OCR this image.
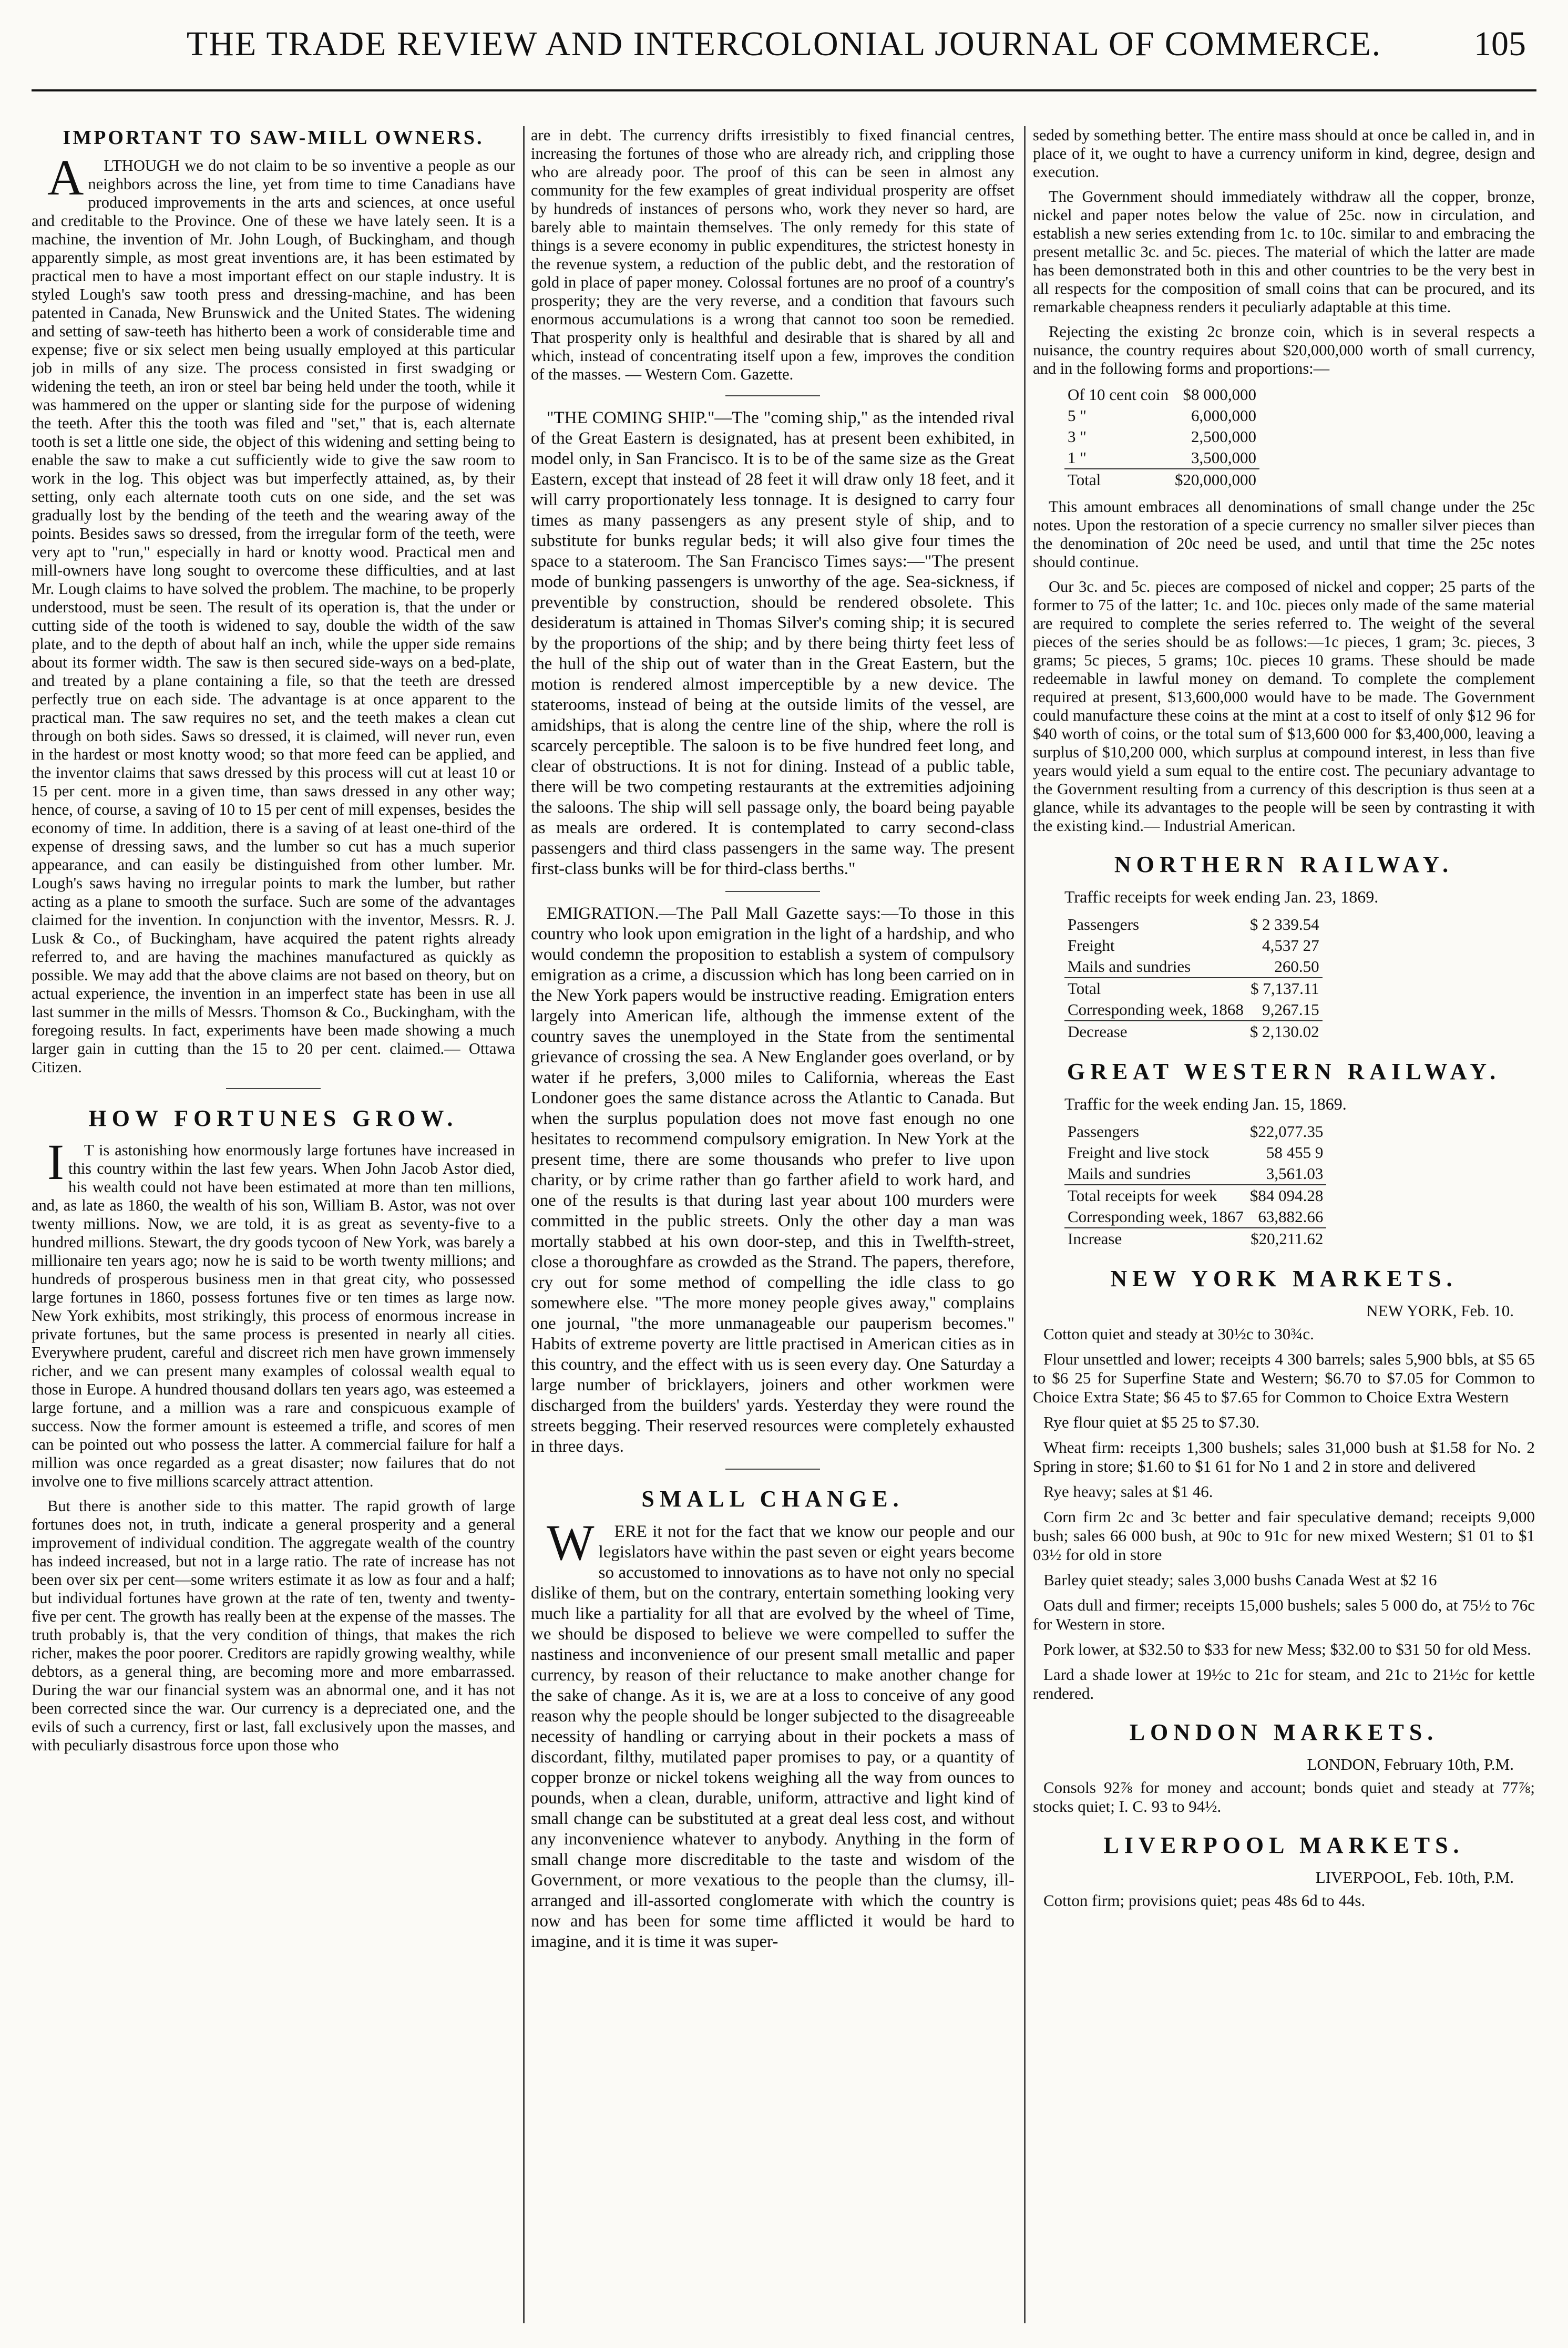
THE TRADE REVIEW AND INTERCOLONIAL JOURNAL OF COMMERCE.	105
IMPORTANT TO SAW-MILL OWNERS.

ALTHOUGH we do not claim to be so inventive a people as our neighbors across the line, yet from time to time Canadians have produced improvements in the arts and sciences, at once useful and creditable to the Province. One of these we have lately seen. It is a machine, the invention of Mr. John Lough, of Buckingham, and though apparently simple, as most great inventions are, it has been estimated by practical men to have a most important effect on our staple industry. It is styled Lough's saw tooth press and dressing-machine, and has been patented in Canada, New Brunswick and the United States. The widening and setting of saw-teeth has hitherto been a work of considerable time and expense; five or six select men being usually employed at this particular job in mills of any size. The process consisted in first swadging or widening the teeth, an iron or steel bar being held under the tooth, while it was hammered on the upper or slanting side for the purpose of widening the teeth. After this the tooth was filed and "set," that is, each alternate tooth is set a little one side, the object of this widening and setting being to enable the saw to make a cut sufficiently wide to give the saw room to work in the log. This object was but imperfectly attained, as, by their setting, only each alternate tooth cuts on one side, and the set was gradually lost by the bending of the teeth and the wearing away of the points. Besides saws so dressed, from the irregular form of the teeth, were very apt to "run," especially in hard or knotty wood. Practical men and mill-owners have long sought to overcome these difficulties, and at last Mr. Lough claims to have solved the problem. The machine, to be properly understood, must be seen. The result of its operation is, that the under or cutting side of the tooth is widened to say, double the width of the saw plate, and to the depth of about half an inch, while the upper side remains about its former width. The saw is then secured side-ways on a bed-plate, and treated by a plane containing a file, so that the teeth are dressed perfectly true on each side. The advantage is at once apparent to the practical man. The saw requires no set, and the teeth makes a clean cut through on both sides. Saws so dressed, it is claimed, will never run, even in the hardest or most knotty wood; so that more feed can be applied, and the inventor claims that saws dressed by this process will cut at least 10 or 15 per cent. more in a given time, than saws dressed in any other way; hence, of course, a saving of 10 to 15 per cent of mill expenses, besides the economy of time. In addition, there is a saving of at least one-third of the expense of dressing saws, and the lumber so cut has a much superior appearance, and can easily be distinguished from other lumber. Mr. Lough's saws having no irregular points to mark the lumber, but rather acting as a plane to smooth the surface. Such are some of the advantages claimed for the invention. In conjunction with the inventor, Messrs. R. J. Lusk & Co., of Buckingham, have acquired the patent rights already referred to, and are having the machines manufactured as quickly as possible. We may add that the above claims are not based on theory, but on actual experience, the invention in an imperfect state has been in use all last summer in the mills of Messrs. Thomson & Co., Buckingham, with the foregoing results. In fact, experiments have been made showing a much larger gain in cutting than the 15 to 20 per cent. claimed.— Ottawa Citizen.

HOW FORTUNES GROW.

IT is astonishing how enormously large fortunes have increased in this country within the last few years. When John Jacob Astor died, his wealth could not have been estimated at more than ten millions, and, as late as 1860, the wealth of his son, William B. Astor, was not over twenty millions. Now, we are told, it is as great as seventy-five to a hundred millions. Stewart, the dry goods tycoon of New York, was barely a millionaire ten years ago; now he is said to be worth twenty millions; and hundreds of prosperous business men in that great city, who possessed large fortunes in 1860, possess fortunes five or ten times as large now. New York exhibits, most strikingly, this process of enormous increase in private fortunes, but the same process is presented in nearly all cities. Everywhere prudent, careful and discreet rich men have grown immensely richer, and we can present many examples of colossal wealth equal to those in Europe. A hundred thousand dollars ten years ago, was esteemed a large fortune, and a million was a rare and conspicuous example of success. Now the former amount is esteemed a trifle, and scores of men can be pointed out who possess the latter. A commercial failure for half a million was once regarded as a great disaster; now failures that do not involve one to five millions scarcely attract attention.

But there is another side to this matter. The rapid growth of large fortunes does not, in truth, indicate a general prosperity and a general improvement of individual condition. The aggregate wealth of the country has indeed increased, but not in a large ratio. The rate of increase has not been over six per cent—some writers estimate it as low as four and a half; but individual fortunes have grown at the rate of ten, twenty and twenty-five per cent. The growth has really been at the expense of the masses. The truth probably is, that the very condition of things, that makes the rich richer, makes the poor poorer. Creditors are rapidly growing wealthy, while debtors, as a general thing, are becoming more and more embarrassed. During the war our financial system was an abnormal one, and it has not been corrected since the war. Our currency is a depreciated one, and the evils of such a currency, first or last, fall exclusively upon the masses, and with peculiarly disastrous force upon those who

are in debt. The currency drifts irresistibly to fixed financial centres, increasing the fortunes of those who are already rich, and crippling those who are already poor. The proof of this can be seen in almost any community for the few examples of great individual prosperity are offset by hundreds of instances of persons who, work they never so hard, are barely able to maintain themselves. The only remedy for this state of things is a severe economy in public expenditures, the strictest honesty in the revenue system, a reduction of the public debt, and the restoration of gold in place of paper money. Colossal fortunes are no proof of a country's prosperity; they are the very reverse, and a condition that favours such enormous accumulations is a wrong that cannot too soon be remedied. That prosperity only is healthful and desirable that is shared by all and which, instead of concentrating itself upon a few, improves the condition of the masses. — Western Com. Gazette.

"THE COMING SHIP."—The "coming ship," as the intended rival of the Great Eastern is designated, has at present been exhibited, in model only, in San Francisco. It is to be of the same size as the Great Eastern, except that instead of 28 feet it will draw only 18 feet, and it will carry proportionately less tonnage. It is designed to carry four times as many passengers as any present style of ship, and to substitute for bunks regular beds; it will also give four times the space to a stateroom. The San Francisco Times says:—"The present mode of bunking passengers is unworthy of the age. Sea-sickness, if preventible by construction, should be rendered obsolete. This desideratum is attained in Thomas Silver's coming ship; it is secured by the proportions of the ship; and by there being thirty feet less of the hull of the ship out of water than in the Great Eastern, but the motion is rendered almost imperceptible by a new device. The staterooms, instead of being at the outside limits of the vessel, are amidships, that is along the centre line of the ship, where the roll is scarcely perceptible. The saloon is to be five hundred feet long, and clear of obstructions. It is not for dining. Instead of a public table, there will be two competing restaurants at the extremities adjoining the saloons. The ship will sell passage only, the board being payable as meals are ordered. It is contemplated to carry second-class passengers and third class passengers in the same way. The present first-class bunks will be for third-class berths."

EMIGRATION.—The Pall Mall Gazette says:—To those in this country who look upon emigration in the light of a hardship, and who would condemn the proposition to establish a system of compulsory emigration as a crime, a discussion which has long been carried on in the New York papers would be instructive reading. Emigration enters largely into American life, although the immense extent of the country saves the unemployed in the State from the sentimental grievance of crossing the sea. A New Englander goes overland, or by water if he prefers, 3,000 miles to California, whereas the East Londoner goes the same distance across the Atlantic to Canada. But when the surplus population does not move fast enough no one hesitates to recommend compulsory emigration. In New York at the present time, there are some thousands who prefer to live upon charity, or by crime rather than go farther afield to work hard, and one of the results is that during last year about 100 murders were committed in the public streets. Only the other day a man was mortally stabbed at his own door-step, and this in Twelfth-street, close a thoroughfare as crowded as the Strand. The papers, therefore, cry out for some method of compelling the idle class to go somewhere else. "The more money people gives away," complains one journal, "the more unmanageable our pauperism becomes." Habits of extreme poverty are little practised in American cities as in this country, and the effect with us is seen every day. One Saturday a large number of bricklayers, joiners and other workmen were discharged from the builders' yards. Yesterday they were round the streets begging. Their reserved resources were completely exhausted in three days.

SMALL CHANGE.

WERE it not for the fact that we know our people and our legislators have within the past seven or eight years become so accustomed to innovations as to have not only no special dislike of them, but on the contrary, entertain something looking very much like a partiality for all that are evolved by the wheel of Time, we should be disposed to believe we were compelled to suffer the nastiness and inconvenience of our present small metallic and paper currency, by reason of their reluctance to make another change for the sake of change. As it is, we are at a loss to conceive of any good reason why the people should be longer subjected to the disagreeable necessity of handling or carrying about in their pockets a mass of discordant, filthy, mutilated paper promises to pay, or a quantity of copper bronze or nickel tokens weighing all the way from ounces to pounds, when a clean, durable, uniform, attractive and light kind of small change can be substituted at a great deal less cost, and without any inconvenience whatever to anybody. Anything in the form of small change more discreditable to the taste and wisdom of the Government, or more vexatious to the people than the clumsy, ill-arranged and ill-assorted conglomerate with which the country is now and has been for some time afflicted it would be hard to imagine, and it is time it was super-

seded by something better. The entire mass should at once be called in, and in place of it, we ought to have a currency uniform in kind, degree, design and execution.

The Government should immediately withdraw all the copper, bronze, nickel and paper notes below the value of 25c. now in circulation, and establish a new series extending from 1c. to 10c. similar to and embracing the present metallic 3c. and 5c. pieces. The material of which the latter are made has been demonstrated both in this and other countries to be the very best in all respects for the composition of small coins that can be procured, and its remarkable cheapness renders it peculiarly adaptable at this time.

Rejecting the existing 2c bronze coin, which is in several respects a nuisance, the country requires about $20,000,000 worth of small currency, and in the following forms and proportions:—

Of 10 cent coin	$8 000,000
5 "	6,000,000
3 "	2,500,000
1 "	3,500,000
Total	$20,000,000

This amount embraces all denominations of small change under the 25c notes. Upon the restoration of a specie currency no smaller silver pieces than the denomination of 20c need be used, and until that time the 25c notes should continue.

Our 3c. and 5c. pieces are composed of nickel and copper; 25 parts of the former to 75 of the latter; 1c. and 10c. pieces only made of the same material are required to complete the series referred to. The weight of the several pieces of the series should be as follows:—1c pieces, 1 gram; 3c. pieces, 3 grams; 5c pieces, 5 grams; 10c. pieces 10 grams. These should be made redeemable in lawful money on demand. To complete the complement required at present, $13,600,000 would have to be made. The Government could manufacture these coins at the mint at a cost to itself of only $12 96 for $40 worth of coins, or the total sum of $13,600 000 for $3,400,000, leaving a surplus of $10,200 000, which surplus at compound interest, in less than five years would yield a sum equal to the entire cost. The pecuniary advantage to the Government resulting from a currency of this description is thus seen at a glance, while its advantages to the people will be seen by contrasting it with the existing kind.— Industrial American.

NORTHERN RAILWAY.
Traffic receipts for week ending Jan. 23, 1869.
Passengers	$ 2 339.54
Freight	4,537 27
Mails and sundries	260.50
Total	$ 7,137.11
Corresponding week, 1868	9,267.15
Decrease	$ 2,130.02
GREAT WESTERN RAILWAY.
Traffic for the week ending Jan. 15, 1869.
Passengers	$22,077.35
Freight and live stock	58 455 9
Mails and sundries	3,561.03
Total receipts for week	$84 094.28
Corresponding week, 1867	63,882.66
Increase	$20,211.62
NEW YORK MARKETS.
NEW YORK, Feb. 10.

Cotton quiet and steady at 30½c to 30¾c.

Flour unsettled and lower; receipts 4 300 barrels; sales 5,900 bbls, at $5 65 to $6 25 for Superfine State and Western; $6.70 to $7.05 for Common to Choice Extra State; $6 45 to $7.65 for Common to Choice Extra Western

Rye flour quiet at $5 25 to $7.30.

Wheat firm: receipts 1,300 bushels; sales 31,000 bush at $1.58 for No. 2 Spring in store; $1.60 to $1 61 for No 1 and 2 in store and delivered

Rye heavy; sales at $1 46.

Corn firm 2c and 3c better and fair speculative demand; receipts 9,000 bush; sales 66 000 bush, at 90c to 91c for new mixed Western; $1 01 to $1 03½ for old in store

Barley quiet steady; sales 3,000 bushs Canada West at $2 16

Oats dull and firmer; receipts 15,000 bushels; sales 5 000 do, at 75½ to 76c for Western in store.

Pork lower, at $32.50 to $33 for new Mess; $32.00 to $31 50 for old Mess.

Lard a shade lower at 19½c to 21c for steam, and 21c to 21½c for kettle rendered.

LONDON MARKETS.
LONDON, February 10th, P.M.

Consols 92⅞ for money and account; bonds quiet and steady at 77⅞; stocks quiet; I. C. 93 to 94½.

LIVERPOOL MARKETS.
LIVERPOOL, Feb. 10th, P.M.

Cotton firm; provisions quiet; peas 48s 6d to 44s.
